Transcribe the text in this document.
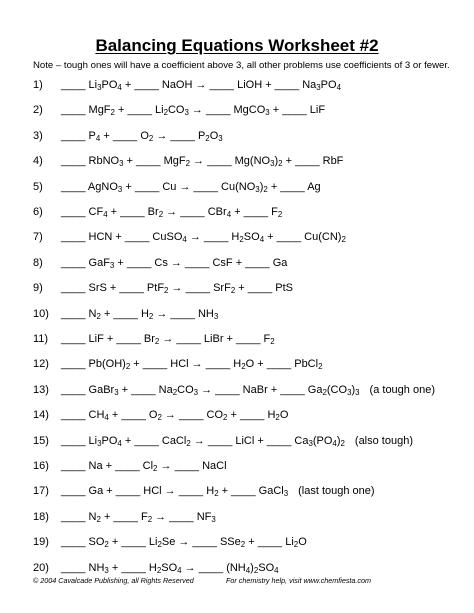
Balancing Equations Worksheet #2
Note – tough ones will have a coefficient above 3, all other problems use coefficients of 3 or fewer.
1) ____ $Li_3PO_4$ + ____ NaOH → ____ LiOH + ____ $Na_3PO_4$
2) ____ MgF$_2$ + ____ $Li_2CO_3$ → ____ MgCO$_3$ + ____ LiF
3) ____ $P_4$ + ____ $O_2$ → ____ $P_2O_3$
4) ____ RbNO$_3$ + ____ MgF$_2$ → ____ $Mg(NO_3)_2$ + ____ RbF
5) ____ AgNO$_3$ + ____ Cu → ____ $Cu(NO_3)_2$ + ____ Ag
6) ____ $CF_4$ + ____ $Br_2$ → ____ CBr$_4$ + ____ $F_2$
7) ____ HCN + ____ CuSO$_4$ → ____ $H_2SO_4$ + ____ $Cu(CN)_2$
8) ____ GaF$_3$ + ____ Cs → ____ CsF + ____ Ga
9) ____ SrS + ____ PtF$_2$ → ____ SrF$_2$ + ____ PtS
10) ____ $N_2$ + ____ $H_2$ → ____ $NH_3$
11) ____ LiF + ____ $Br_2$ → ____ LiBr + ____ $F_2$
12) ____ $Pb(OH)_2$ + ____ HCl → ____ $H_2O$ + ____ PbCl$_2$
13) ____ GaBr$_3$ + ____ $Na_2CO_3$ → ____ NaBr + ____ $Ga_2(CO_3)_3$ (a tough one)
14) ____ $CH_4$ + ____ $O_2$ → ____ $CO_2$ + ____ $H_2O$
15) ____ $Li_3PO_4$ + ____ CaCl$_2$ → ____ LiCl + ____ $Ca_3(PO_4)_2$ (also tough)
16) ____ Na + ____ $Cl_2$ → ____ NaCl
17) ____ Ga + ____ HCl → ____ $H_2$ + ____ GaCl$_3$ (last tough one)
18) ____ $N_2$ + ____ $F_2$ → ____ $NF_3$
19) ____ $SO_2$ + ____ $Li_2Se$ → ____ SSe$_2$ + ____ $Li_2O$
20) ____ $NH_3$ + ____ $H_2SO_4$ → ____ $(NH_4)_2SO_4$
© 2004 Cavalcade Publishing, all Rights Reserved	For chemistry help, visit www.chemfiesta.com
